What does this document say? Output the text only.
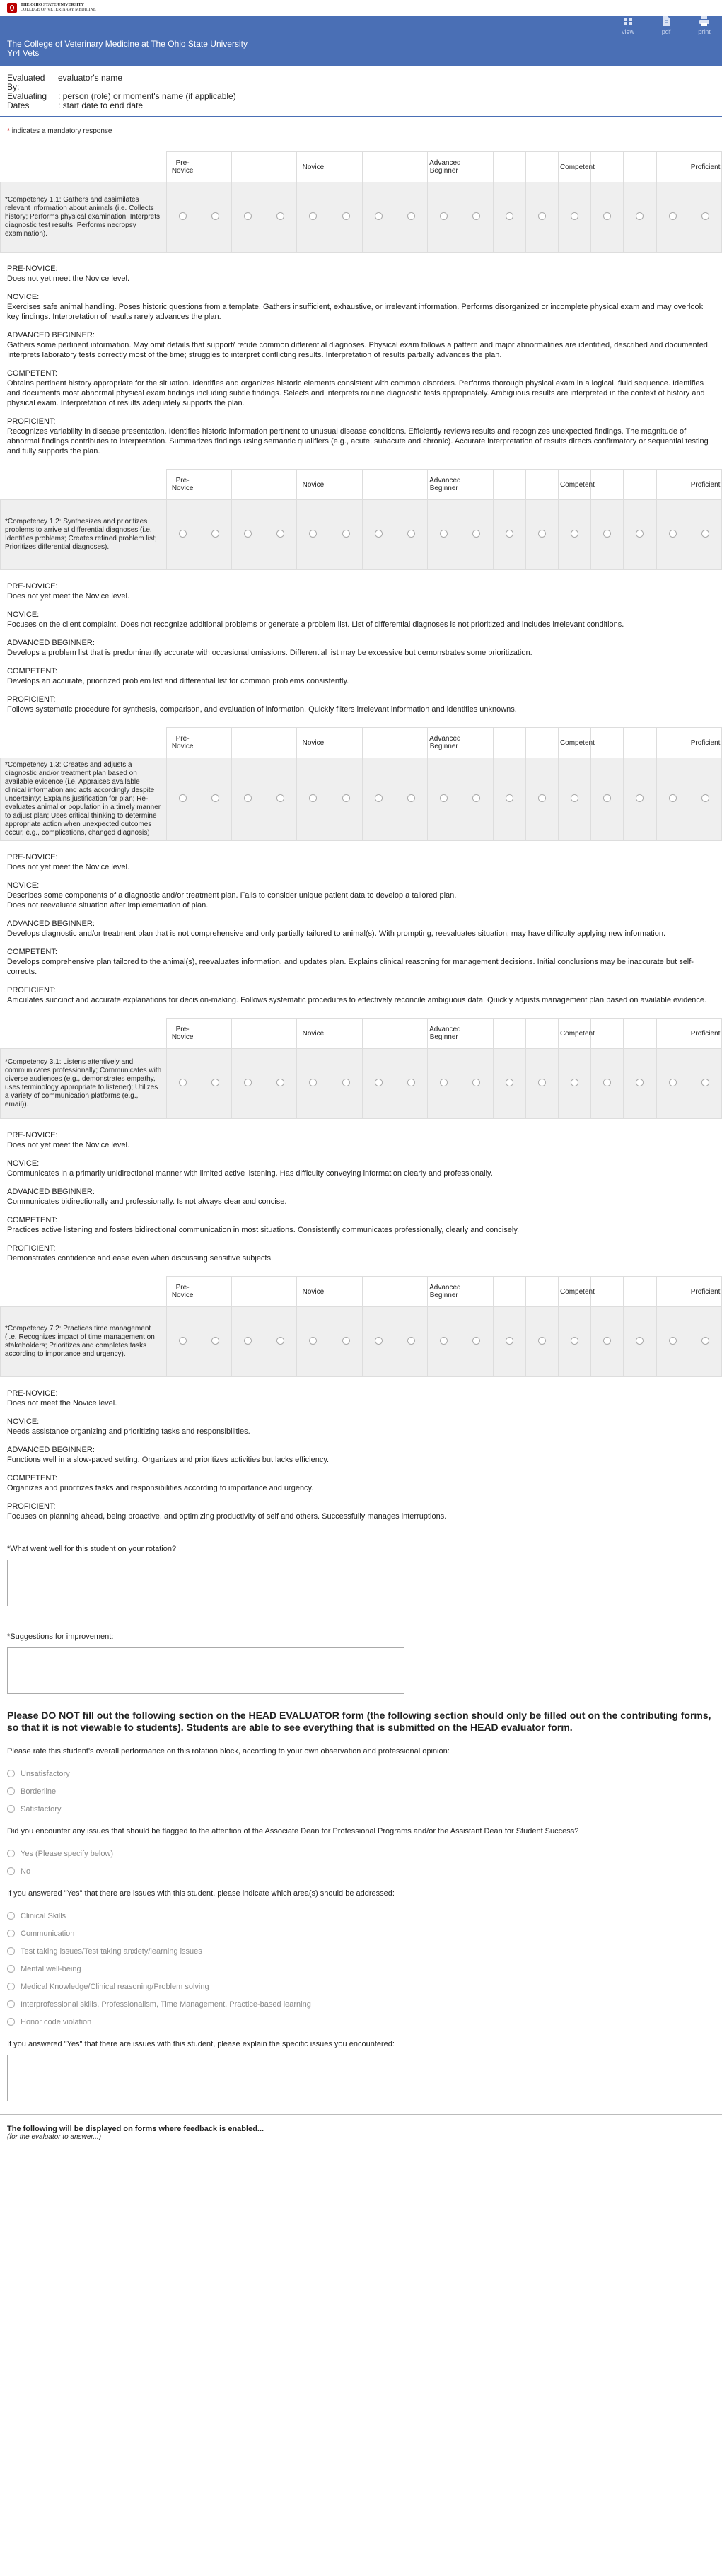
THE OHIO STATE UNIVERSITY
COLLEGE OF VETERINARY MEDICINE
The College of Veterinary Medicine at The Ohio State University
Yr4 Vets
view	pdf	print
Evaluated By:
evaluator's name
Evaluating	: person (role) or moment's name (if applicable)
Dates	: start date to end date
* indicates a mandatory response
	Pre-Novice				Novice				Advanced Beginner				Competent				Proficient
*Competency 1.1: Gathers and assimilates relevant information about animals (i.e. Collects history; Performs physical examination; Interprets diagnostic test results; Performs necropsy examination).																	
PRE-NOVICE:
Does not yet meet the Novice level.
NOVICE:
Exercises safe animal handling. Poses historic questions from a template. Gathers insufficient, exhaustive, or irrelevant information. Performs disorganized or incomplete physical exam and may overlook key findings. Interpretation of results rarely advances the plan.
ADVANCED BEGINNER:
Gathers some pertinent information. May omit details that support/ refute common differential diagnoses. Physical exam follows a pattern and major abnormalities are identified, described and documented. Interprets laboratory tests correctly most of the time; struggles to interpret conflicting results. Interpretation of results partially advances the plan.
COMPETENT:
Obtains pertinent history appropriate for the situation. Identifies and organizes historic elements consistent with common disorders. Performs thorough physical exam in a logical, fluid sequence. Identifies and documents most abnormal physical exam findings including subtle findings. Selects and interprets routine diagnostic tests appropriately. Ambiguous results are interpreted in the context of history and physical exam. Interpretation of results adequately supports the plan.
PROFICIENT:
Recognizes variability in disease presentation. Identifies historic information pertinent to unusual disease conditions. Efficiently reviews results and recognizes unexpected findings. The magnitude of abnormal findings contributes to interpretation. Summarizes findings using semantic qualifiers (e.g., acute, subacute and chronic). Accurate interpretation of results directs confirmatory or sequential testing and fully supports the plan.
	Pre-Novice				Novice				Advanced Beginner				Competent				Proficient
*Competency 1.2: Synthesizes and prioritizes problems to arrive at differential diagnoses (i.e. Identifies problems; Creates refined problem list; Prioritizes differential diagnoses).																	
PRE-NOVICE:
Does not yet meet the Novice level.
NOVICE:
Focuses on the client complaint. Does not recognize additional problems or generate a problem list. List of differential diagnoses is not prioritized and includes irrelevant conditions.
ADVANCED BEGINNER:
Develops a problem list that is predominantly accurate with occasional omissions. Differential list may be excessive but demonstrates some prioritization.
COMPETENT:
Develops an accurate, prioritized problem list and differential list for common problems consistently.
PROFICIENT:
Follows systematic procedure for synthesis, comparison, and evaluation of information. Quickly filters irrelevant information and identifies unknowns.
	Pre-Novice				Novice				Advanced Beginner				Competent				Proficient
*Competency 1.3: Creates and adjusts a diagnostic and/or treatment plan based on available evidence (i.e. Appraises available clinical information and acts accordingly despite uncertainty; Explains justification for plan; Re-evaluates animal or population in a timely manner to adjust plan; Uses critical thinking to determine appropriate action when unexpected outcomes occur, e.g., complications, changed diagnosis)																	
PRE-NOVICE:
Does not yet meet the Novice level.
NOVICE:
Describes some components of a diagnostic and/or treatment plan. Fails to consider unique patient data to develop a tailored plan.
Does not reevaluate situation after implementation of plan.
ADVANCED BEGINNER:
Develops diagnostic and/or treatment plan that is not comprehensive and only partially tailored to animal(s). With prompting, reevaluates situation; may have difficulty applying new information.
COMPETENT:
Develops comprehensive plan tailored to the animal(s), reevaluates information, and updates plan. Explains clinical reasoning for management decisions. Initial conclusions may be inaccurate but self-corrects.
PROFICIENT:
Articulates succinct and accurate explanations for decision-making. Follows systematic procedures to effectively reconcile ambiguous data. Quickly adjusts management plan based on available evidence.
	Pre-Novice				Novice				Advanced Beginner				Competent				Proficient
*Competency 3.1: Listens attentively and communicates professionally; Communicates with diverse audiences (e.g., demonstrates empathy, uses terminology appropriate to listener); Utilizes a variety of communication platforms (e.g., email)).																	
PRE-NOVICE:
Does not yet meet the Novice level.
NOVICE:
Communicates in a primarily unidirectional manner with limited active listening. Has difficulty conveying information clearly and professionally.
ADVANCED BEGINNER:
Communicates bidirectionally and professionally. Is not always clear and concise.
COMPETENT:
Practices active listening and fosters bidirectional communication in most situations. Consistently communicates professionally, clearly and concisely.
PROFICIENT:
Demonstrates confidence and ease even when discussing sensitive subjects.
	Pre-Novice				Novice				Advanced Beginner				Competent				Proficient
*Competency 7.2: Practices time management (i.e. Recognizes impact of time management on stakeholders; Prioritizes and completes tasks according to importance and urgency).																	
PRE-NOVICE:
Does not meet the Novice level.
NOVICE:
Needs assistance organizing and prioritizing tasks and responsibilities.
ADVANCED BEGINNER:
Functions well in a slow-paced setting. Organizes and prioritizes activities but lacks efficiency.
COMPETENT:
Organizes and prioritizes tasks and responsibilities according to importance and urgency.
PROFICIENT:
Focuses on planning ahead, being proactive, and optimizing productivity of self and others. Successfully manages interruptions.
*What went well for this student on your rotation?
*Suggestions for improvement:
Please DO NOT fill out the following section on the HEAD EVALUATOR form (the following section should only be filled out on the contributing forms, so that it is not viewable to students). Students are able to see everything that is submitted on the HEAD evaluator form.
Please rate this student's overall performance on this rotation block, according to your own observation and professional opinion:
Unsatisfactory
Borderline
Satisfactory
Did you encounter any issues that should be flagged to the attention of the Associate Dean for Professional Programs and/or the Assistant Dean for Student Success?
Yes (Please specify below)
No
If you answered "Yes" that there are issues with this student, please indicate which area(s) should be addressed:
Clinical Skills
Communication
Test taking issues/Test taking anxiety/learning issues
Mental well-being
Medical Knowledge/Clinical reasoning/Problem solving
Interprofessional skills, Professionalism, Time Management, Practice-based learning
Honor code violation
If you answered "Yes" that there are issues with this student, please explain the specific issues you encountered:
The following will be displayed on forms where feedback is enabled...
(for the evaluator to answer...)
